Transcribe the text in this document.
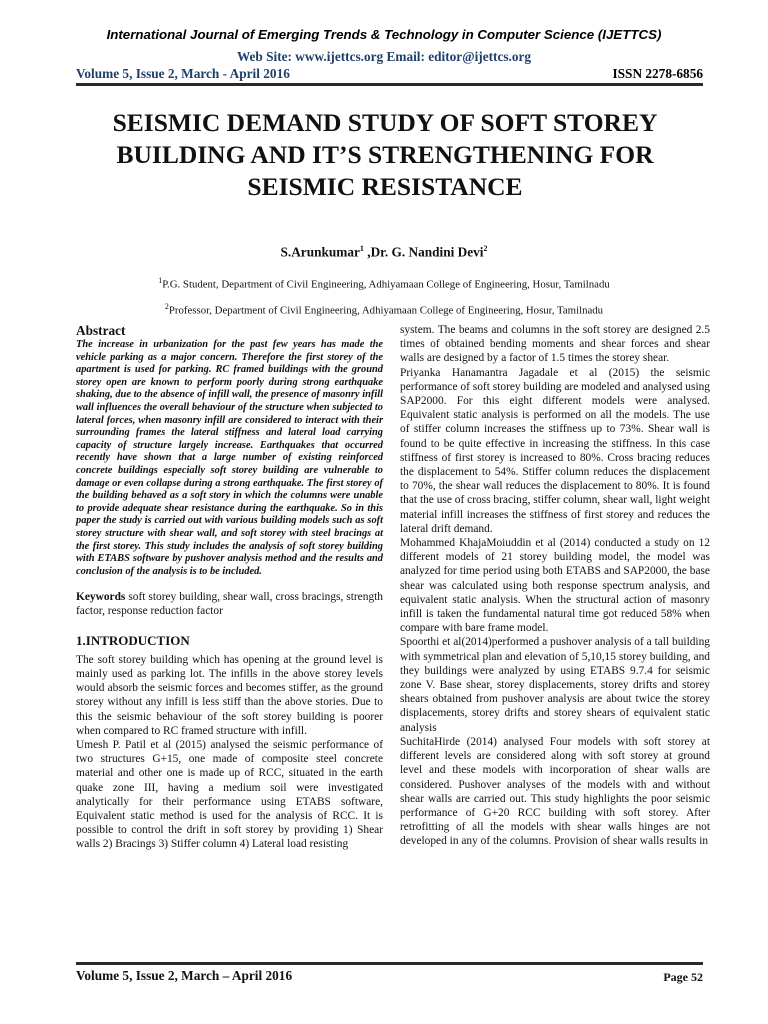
International Journal of Emerging Trends & Technology in Computer Science (IJETTCS)
Web Site: www.ijettcs.org Email: editor@ijettcs.org
Volume 5, Issue 2, March - April 2016	ISSN 2278-6856
SEISMIC DEMAND STUDY OF SOFT STOREY BUILDING AND IT’S STRENGTHENING FOR SEISMIC RESISTANCE
S.Arunkumar$^1$ ,Dr. G. Nandini Devi$^2$
$^1$P.G. Student, Department of Civil Engineering, Adhiyamaan College of Engineering, Hosur, Tamilnadu
$^2$Professor, Department of Civil Engineering, Adhiyamaan College of Engineering, Hosur, Tamilnadu

Abstract

The increase in urbanization for the past few years has made the vehicle parking as a major concern. Therefore the first storey of the apartment is used for parking. RC framed buildings with the ground storey open are known to perform poorly during strong earthquake shaking, due to the absence of infill wall, the presence of masonry infill wall influences the overall behaviour of the structure when subjected to lateral forces, when masonry infill are considered to interact with their surrounding frames the lateral stiffness and lateral load carrying capacity of structure largely increase. Earthquakes that occurred recently have shown that a large number of existing reinforced concrete buildings especially soft storey building are vulnerable to damage or even collapse during a strong earthquake. The first storey of the building behaved as a soft story in which the columns were unable to provide adequate shear resistance during the earthquake. So in this paper the study is carried out with various building models such as soft storey structure with shear wall, and soft storey with steel bracings at the first storey. This study includes the analysis of soft storey building with ETABS software by pushover analysis method and the results and conclusion of the analysis is to be included.

Keywords soft storey building, shear wall, cross bracings, strength factor, response reduction factor

1.INTRODUCTION

The soft storey building which has opening at the ground level is mainly used as parking lot. The infills in the above storey levels would absorb the seismic forces and becomes stiffer, as the ground storey without any infill is less stiff than the above stories. Due to this the seismic behaviour of the soft storey building is poorer when compared to RC framed structure with infill.

Umesh P. Patil et al (2015) analysed the seismic performance of two structures G+15, one made of composite steel concrete material and other one is made up of RCC, situated in the earth quake zone III, having a medium soil were investigated analytically for their performance using ETABS software, Equivalent static method is used for the analysis of RCC. It is possible to control the drift in soft storey by providing 1) Shear walls 2) Bracings 3) Stiffer column 4) Lateral load resisting

system. The beams and columns in the soft storey are designed 2.5 times of obtained bending moments and shear forces and shear walls are designed by a factor of 1.5 times the storey shear.

Priyanka Hanamantra Jagadale et al (2015) the seismic performance of soft storey building are modeled and analysed using SAP2000. For this eight different models were analysed. Equivalent static analysis is performed on all the models. The use of stiffer column increases the stiffness up to 73%. Shear wall is found to be quite effective in increasing the stiffness. In this case stiffness of first storey is increased to 80%. Cross bracing reduces the displacement to 54%. Stiffer column reduces the displacement to 70%, the shear wall reduces the displacement to 80%. It is found that the use of cross bracing, stiffer column, shear wall, light weight material infill increases the stiffness of first storey and reduces the lateral drift demand.

Mohammed KhajaMoiuddin et al (2014) conducted a study on 12 different models of 21 storey building model, the model was analyzed for time period using both ETABS and SAP2000, the base shear was calculated using both response spectrum analysis, and equivalent static analysis. When the structural action of masonry infill is taken the fundamental natural time got reduced 58% when compare with bare frame model.

Spoorthi et al(2014)performed a pushover analysis of a tall building with symmetrical plan and elevation of 5,10,15 storey building, and they buildings were analyzed by using ETABS 9.7.4 for seismic zone V. Base shear, storey displacements, storey drifts and storey shears obtained from pushover analysis are about twice the storey displacements, storey drifts and storey shears of equivalent static analysis

SuchitaHirde (2014) analysed Four models with soft storey at different levels are considered along with soft storey at ground level and these models with incorporation of shear walls are considered. Pushover analyses of the models with and without shear walls are carried out. This study highlights the poor seismic performance of G+20 RCC building with soft storey. After retrofitting of all the models with shear walls hinges are not developed in any of the columns. Provision of shear walls results in

Volume 5, Issue 2, March – April 2016	Page 52
